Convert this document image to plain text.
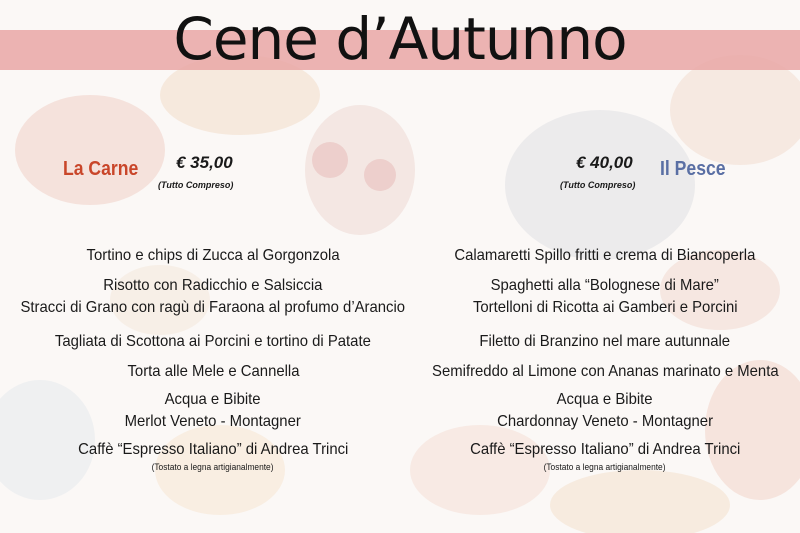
Cene d’Autunno
La Carne € 35,00
(Tutto Compreso)
€ 40,00
(Tutto Compreso)
Il Pesce
Tortino e chips di Zucca al Gorgonzola
Risotto con Radicchio e Salsiccia
Stracci di Grano con ragù di Faraona al profumo d’Arancio
Tagliata di Scottona ai Porcini e tortino di Patate
Torta alle Mele e Cannella
Acqua e Bibite
Merlot Veneto - Montagner
Caffè “Espresso Italiano” di Andrea Trinci
(Tostato a legna artigianalmente)
Calamaretti Spillo fritti e crema di Biancoperla
Spaghetti alla “Bolognese di Mare”
Tortelloni di Ricotta ai Gamberi e Porcini
Filetto di Branzino nel mare autunnale
Semifreddo al Limone con Ananas marinato e Menta
Acqua e Bibite
Chardonnay Veneto - Montagner
Caffè “Espresso Italiano” di Andrea Trinci
(Tostato a legna artigianalmente)
